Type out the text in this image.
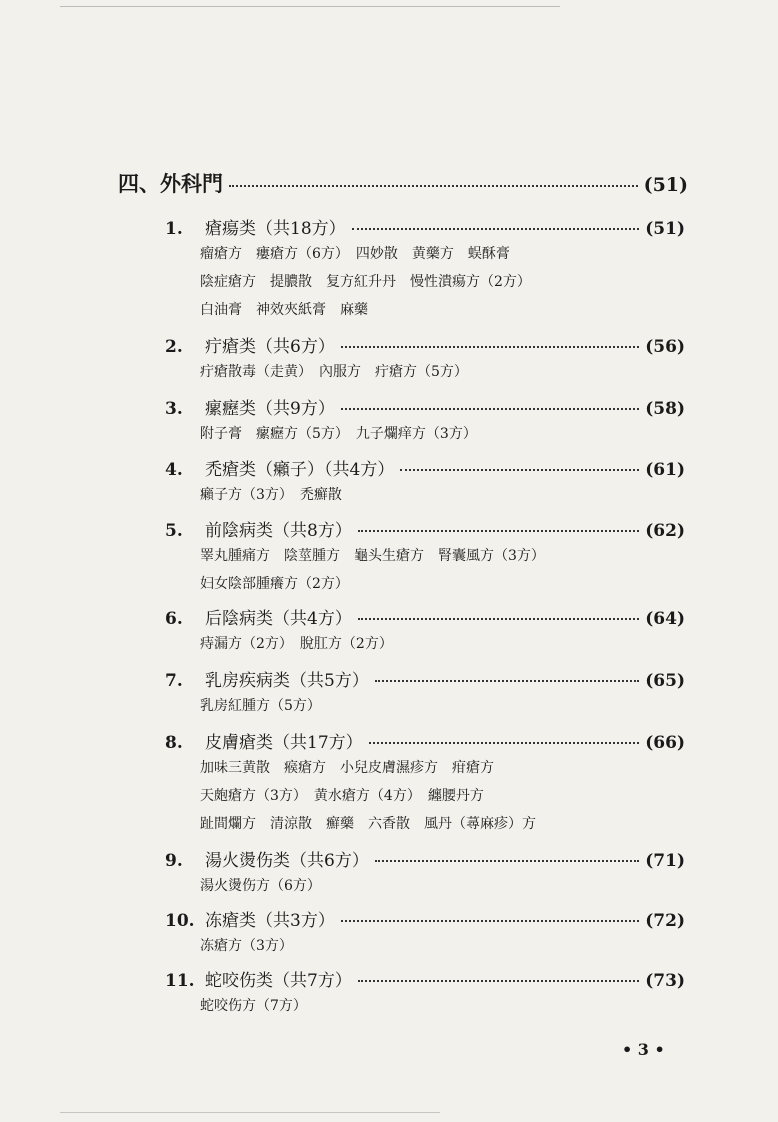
四、外科門	(51)
1.	瘡瘍类（共18方）	(51)
瘤瘡方　瘻瘡方（6方）　四妙散　黄藥方　蜈酥膏
陰症瘡方　提膿散　复方紅升丹　慢性潰瘍方（2方）
白油膏　神效夾紙膏　麻藥
2.	疔瘡类（共6方）	(56)
疔瘡散毒（走黄）　內服方　疔瘡方（5方）
3.	瘰癧类（共9方）	(58)
附子膏　瘰癧方（5方）　九子爛痒方（3方）
4.	禿瘡类（癩子）（共4方）	(61)
癩子方（3方）　禿癬散
5.	前陰病类（共8方）	(62)
睪丸腫痛方　陰莖腫方　龜头生瘡方　腎囊風方（3方）
妇女陰部腫癢方（2方）
6.	后陰病类（共4方）	(64)
痔漏方（2方）　脫肛方（2方）
7.	乳房疾病类（共5方）	(65)
乳房紅腫方（5方）
8.	皮膚瘡类（共17方）	(66)
加味三黄散　瘊瘡方　小兒皮膚濕疹方　疳瘡方
天皰瘡方（3方）　黄水瘡方（4方）　纏腰丹方
趾間爛方　清涼散　癬藥　六香散　風丹（蕁麻疹）方
9.	湯火燙伤类（共6方）	(71)
湯火燙伤方（6方）
10. 冻瘡类（共3方）	(72)
冻瘡方（3方）
11. 蛇咬伤类（共7方）	(73)
蛇咬伤方（7方）
• 3 •
